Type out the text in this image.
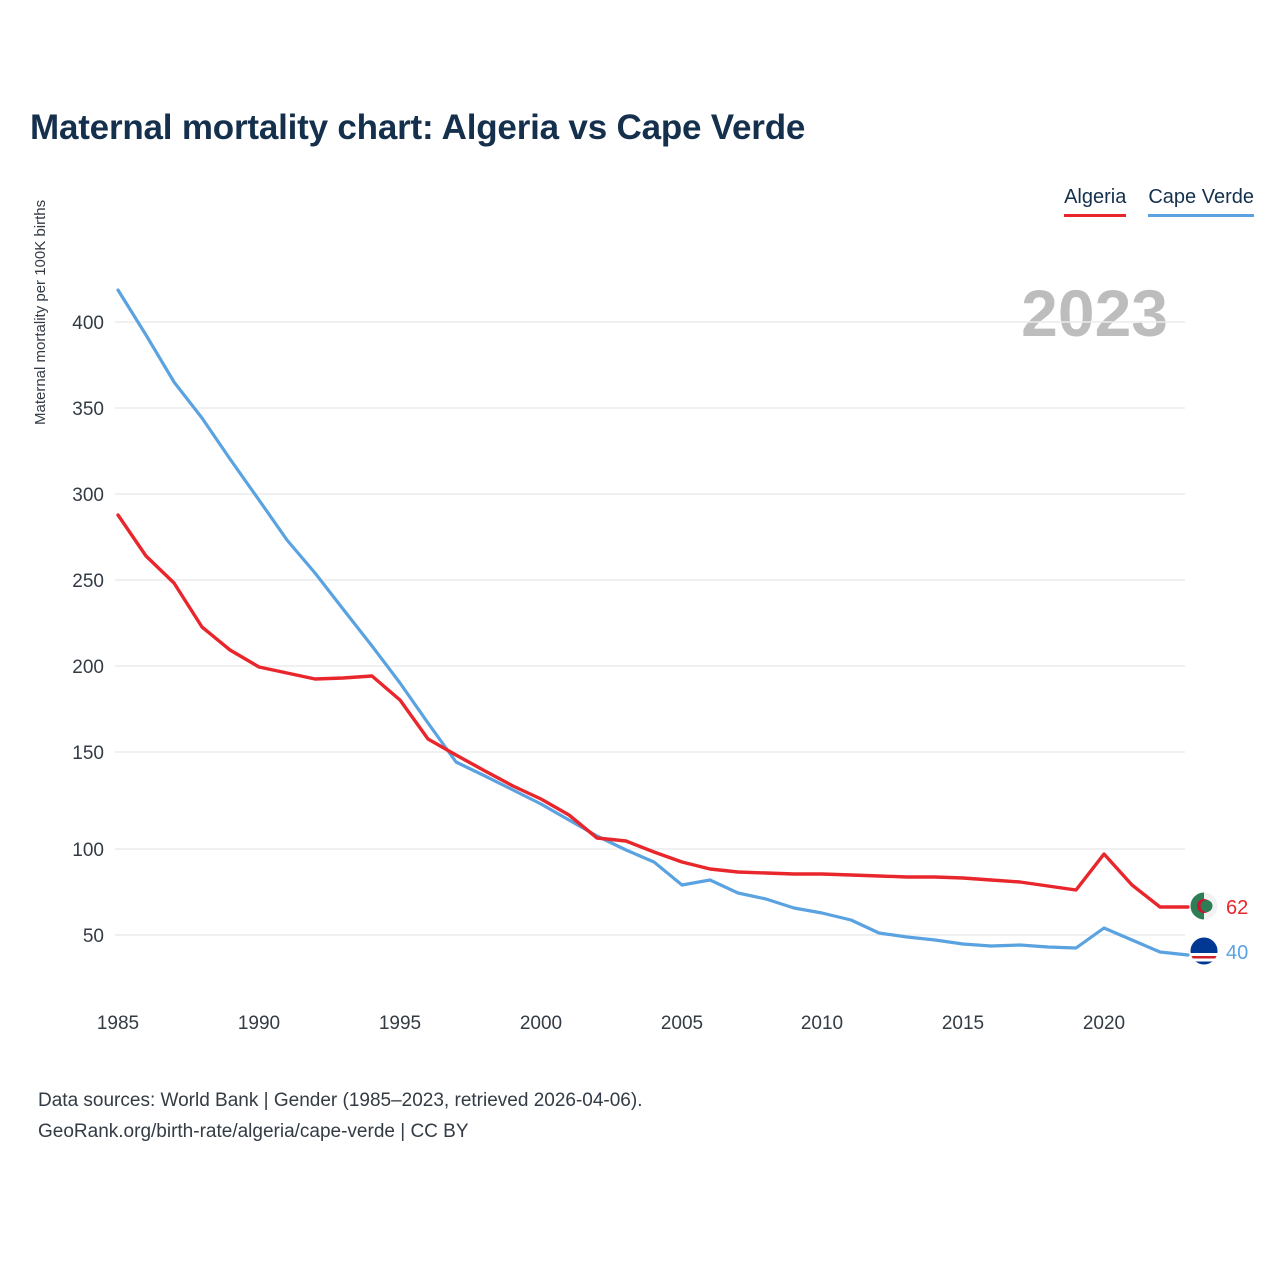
Maternal mortality chart: Algeria vs Cape Verde
Algeria Cape Verde
2023
Maternal mortality per 100K births 400
350
300
250
200
150
100
50
1985	1990	1995	2000	2005	2010	2015	2020
62
40
Data sources: World Bank | Gender (1985–2023, retrieved 2026-04-06).
GeoRank.org/birth-rate/algeria/cape-verde | CC BY
